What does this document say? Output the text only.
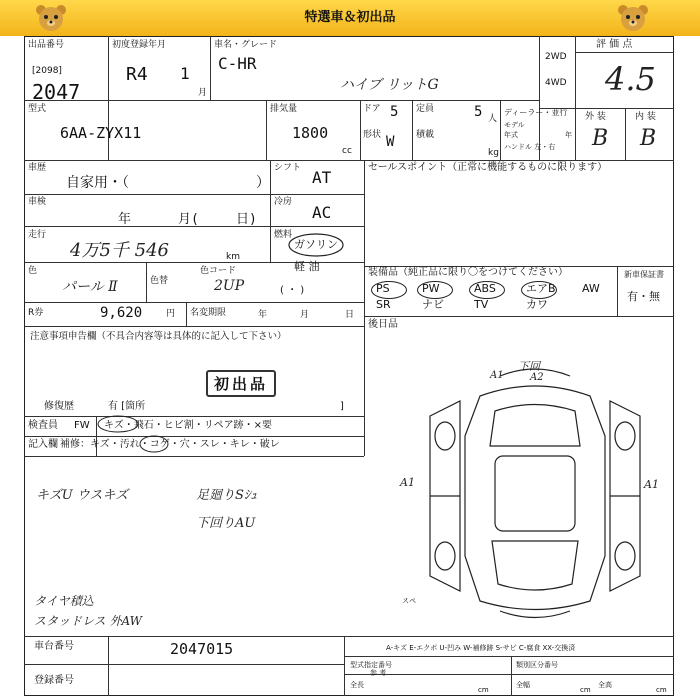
特選車＆初出品
出品番号
[2098]
2047
初度登録年月
R4 1
月
車名・グレード
C-HR
ハイブ リットG
2WD
4WD
評 価 点
4.5
外 装	内 装
B B
型式
6AA-ZYX11
排気量
1800
cc
ドア 5 定員	5 人
ディーラー・並行
モデル
年式	年
ハンドル 左・右
形状 W 積載
kg
車歴
自家用・（	）
シフト AT
セールスポイント（正常に機能するものに限ります）
車検
年	月(	日)
冷房
AC
走行
4万5千 546	km
燃料
ガソリン
軽 油
( ・ )
色
パール Ⅱ	色替
色コード
2UP
装備品（純正品に限り〇をつけてください）	新車保証書
有・無
R券	9,620	円 名変期限	年	月	日
後日品
注意事項申告欄（不具合内容等は具体的に記入して下さい）
初出品
修復歴	有 [箇所	]
検査員
記入欄
FW キズ・飛石・ヒビ割・リペア跡・×要
補修：キズ・汚れ・コゲ・穴・スレ・キレ・破レ
キズU ウスキズ	足廻りSｼｭ
下回りAU
タイヤ積込
スタッドレス 外AW
下回
A2
A1
A1	A1
スペ
車台番号	2047015
登録番号
A-キズ E-エクボ U-凹み W-補修跡 S-サビ C-腐食 XX-交換済
型式指定番号	類別区分番号
参 考
全長
cm
全幅
cm
全高
cm
PS	PW	ABS	エアB AW
SR	ナビ	TV	カワ
